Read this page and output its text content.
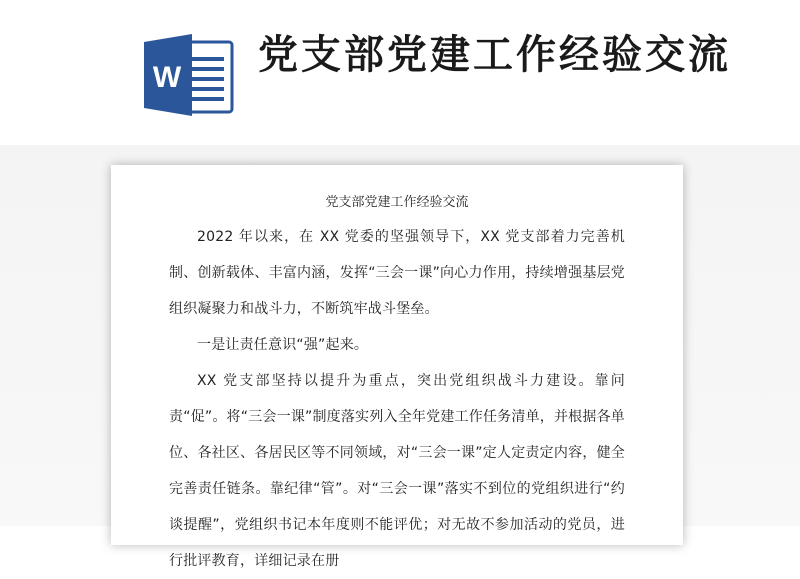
W 党支部党建工作经验交流

党支部党建工作经验交流

2022 年以来，在 XX 党委的坚强领导下，XX 党支部着力完善机制、创新载体、丰富内涵，发挥“三会一课”向心力作用，持续增强基层党组织凝聚力和战斗力，不断筑牢战斗堡垒。

一是让责任意识“强”起来。

XX 党支部坚持以提升为重点，突出党组织战斗力建设。靠问责“促”。将“三会一课”制度落实列入全年党建工作任务清单，并根据各单位、各社区、各居民区等不同领域，对“三会一课”定人定责定内容，健全完善责任链条。靠纪律“管”。对“三会一课”落实不到位的党组织进行“约谈提醒”，党组织书记本年度则不能评优；对无故不参加活动的党员，进行批评教育，详细记录在册
